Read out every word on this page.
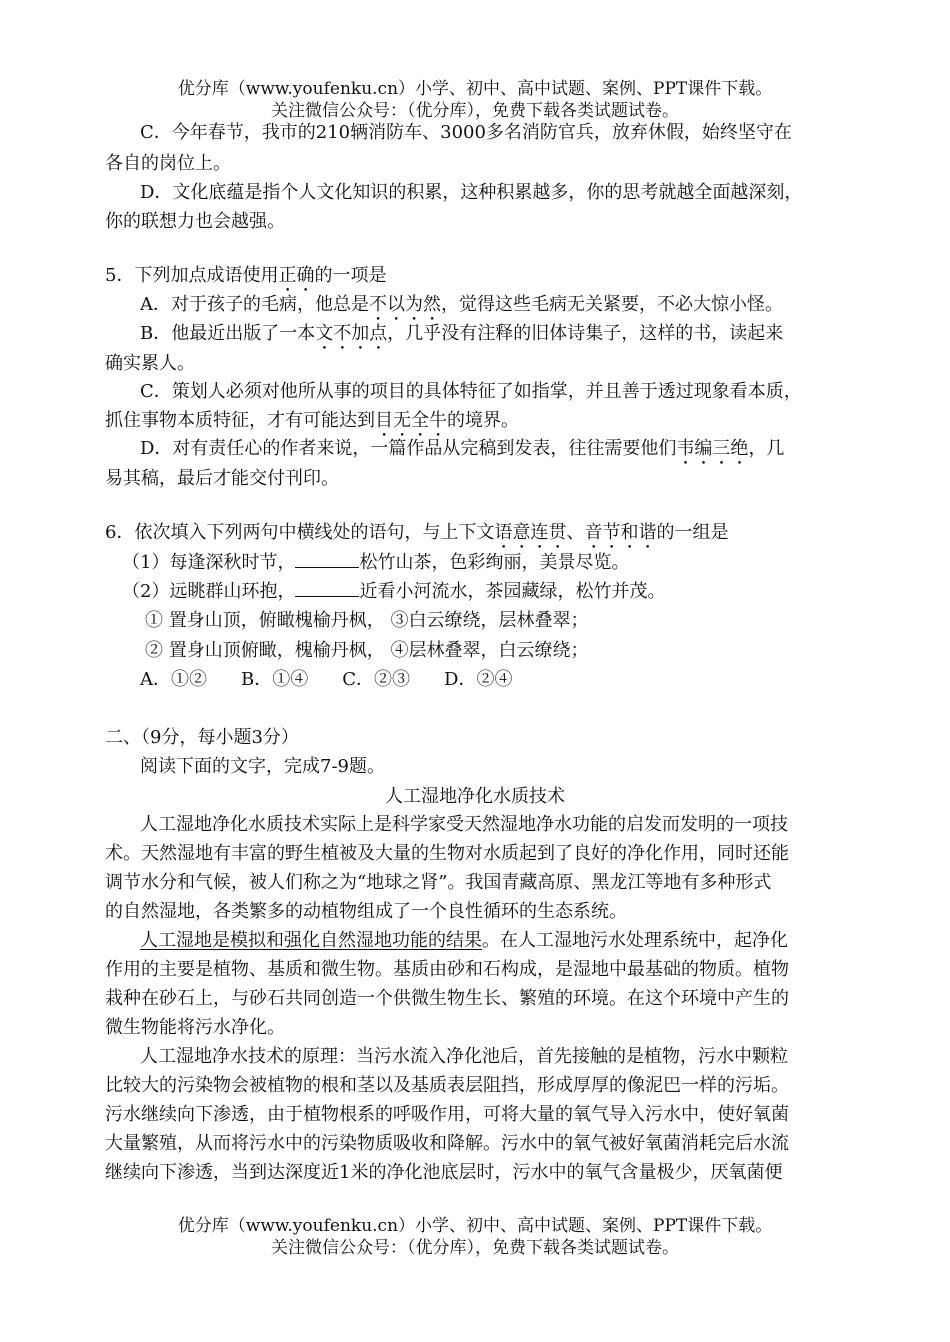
优分库（www.youfenku.cn）小学、初中、高中试题、案例、PPT课件下载。
关注微信公众号：（优分库），免费下载各类试题试卷。
C．今年春节，我市的210辆消防车、3000多名消防官兵，放弃休假，始终坚守在
各自的岗位上。
D．文化底蕴是指个人文化知识的积累，这种积累越多，你的思考就越全面越深刻，
你的联想力也会越强。
5．下列加点成语使用正确的一项是
A．对于孩子的毛病，他总是不以为然，觉得这些毛病无关紧要，不必大惊小怪。
B．他最近出版了一本文不加点，几乎没有注释的旧体诗集子，这样的书，读起来
确实累人。
C．策划人必须对他所从事的项目的具体特征了如指掌，并且善于透过现象看本质，
抓住事物本质特征，才有可能达到目无全牛的境界。
D．对有责任心的作者来说，一篇作品从完稿到发表，往往需要他们韦编三绝，几
易其稿，最后才能交付刊印。
6．依次填入下列两句中横线处的语句，与上下文语意连贯、音节和谐的一组是
（1）每逢深秋时节，	松竹山茶，色彩绚丽，美景尽览。
（2）远眺群山环抱，	近看小河流水，茶园藏绿，松竹并茂。
① 置身山顶，俯瞰槐榆丹枫， ③白云缭绕，层林叠翠；
② 置身山顶俯瞰，槐榆丹枫， ④层林叠翠，白云缭绕；
A．①② B．①④ C．②③ D．②④
二、（9分，每小题3分）
阅读下面的文字，完成7-9题。
人工湿地净化水质技术
人工湿地净化水质技术实际上是科学家受天然湿地净水功能的启发而发明的一项技
术。天然湿地有丰富的野生植被及大量的生物对水质起到了良好的净化作用，同时还能
调节水分和气候，被人们称之为“地球之肾”。我国青藏高原、黑龙江等地有多种形式
的自然湿地，各类繁多的动植物组成了一个良性循环的生态系统。
人工湿地是模拟和强化自然湿地功能的结果。在人工湿地污水处理系统中，起净化
作用的主要是植物、基质和微生物。基质由砂和石构成，是湿地中最基础的物质。植物
栽种在砂石上，与砂石共同创造一个供微生物生长、繁殖的环境。在这个环境中产生的
微生物能将污水净化。
人工湿地净水技术的原理：当污水流入净化池后，首先接触的是植物，污水中颗粒
比较大的污染物会被植物的根和茎以及基质表层阻挡，形成厚厚的像泥巴一样的污垢。
污水继续向下渗透，由于植物根系的呼吸作用，可将大量的氧气导入污水中，使好氧菌
大量繁殖，从而将污水中的污染物质吸收和降解。污水中的氧气被好氧菌消耗完后水流
继续向下渗透，当到达深度近1米的净化池底层时，污水中的氧气含量极少，厌氧菌便
优分库（www.youfenku.cn）小学、初中、高中试题、案例、PPT课件下载。
关注微信公众号：（优分库），免费下载各类试题试卷。
